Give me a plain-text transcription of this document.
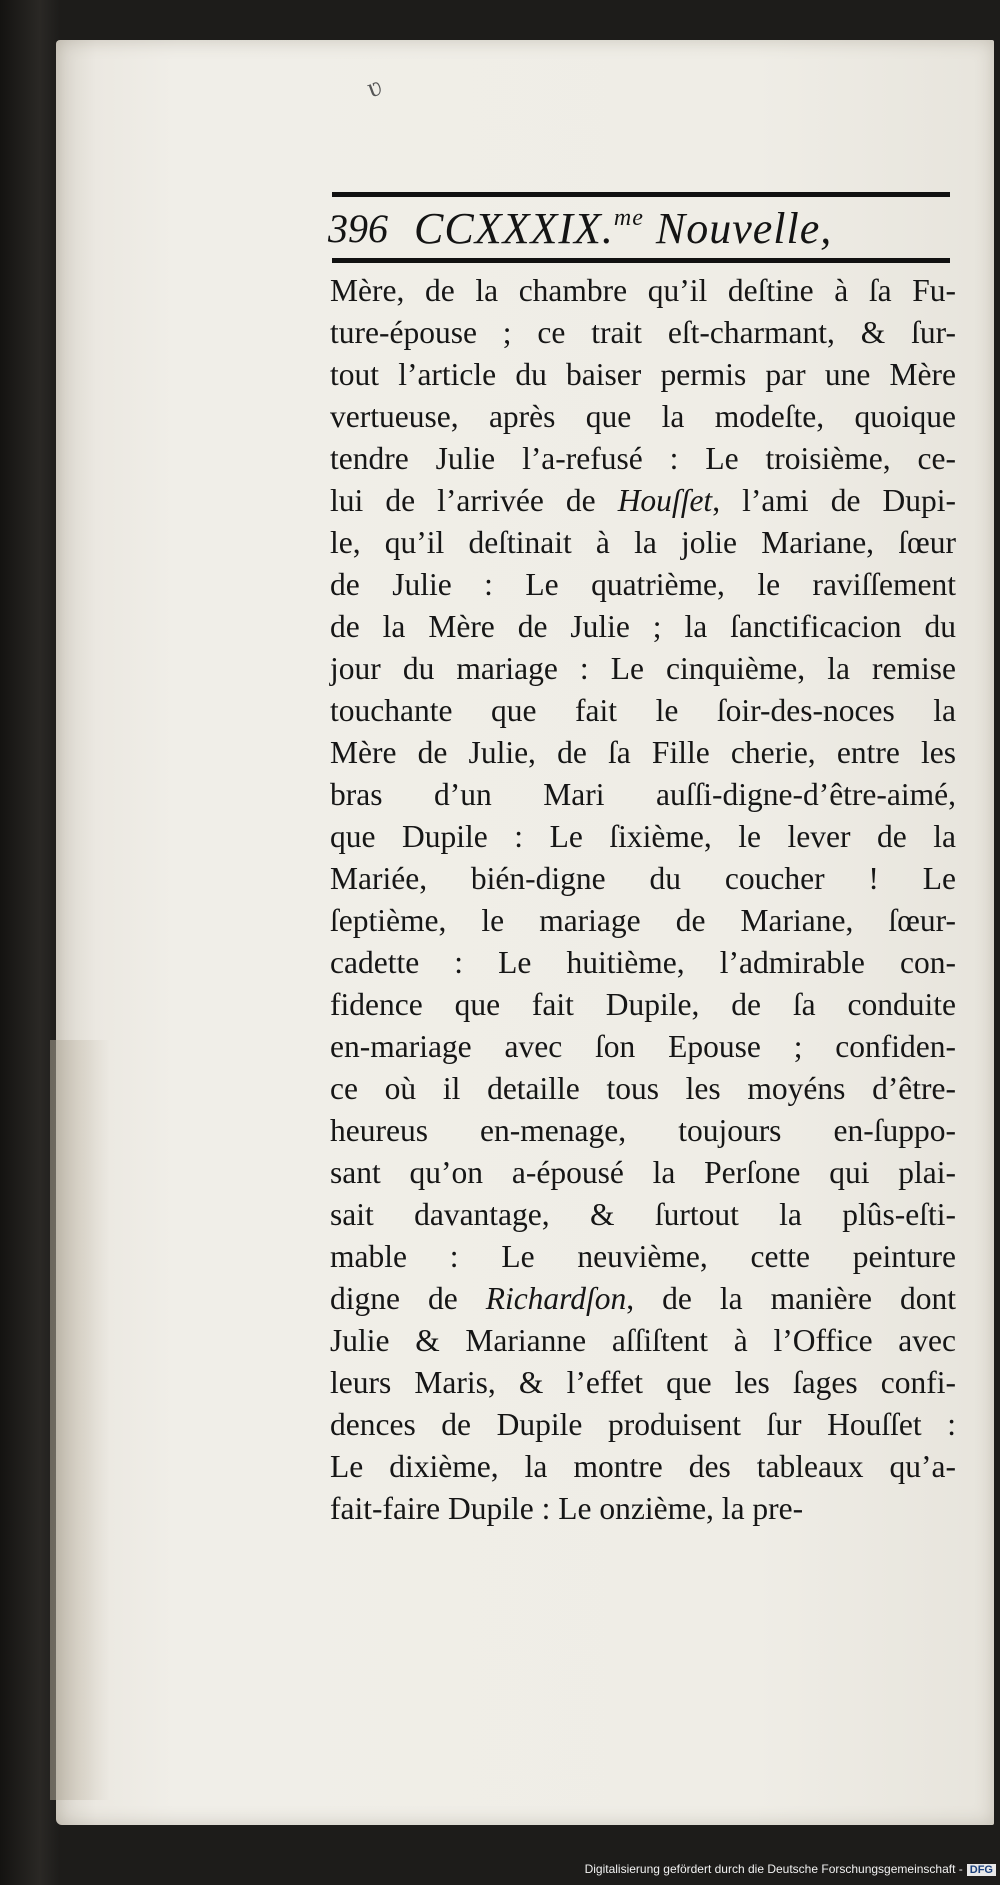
ʋ
396 CCXXXIX.$^{me}$ Nouvelle,
Mère, de la chambre qu’il deſtine à ſa Fu-
ture-épouse ; ce trait eſt-charmant, & ſur-
tout l’article du baiser permis par une Mère
vertueuse, après que la modeſte, quoique
tendre Julie l’a-refusé : Le troisième, ce-
lui de l’arrivée de Houſſet, l’ami de Dupi-
le, qu’il deſtinait à la jolie Mariane, ſœur
de Julie : Le quatrième, le raviſſement
de la Mère de Julie ; la ſanctificacion du
jour du mariage : Le cinquième, la remise
touchante que fait le ſoir-des-noces la
Mère de Julie, de ſa Fille cherie, entre les
bras d’un Mari auſſi-digne-d’être-aimé,
que Dupile : Le ſixième, le lever de la
Mariée, bién-digne du coucher ! Le
ſeptième, le mariage de Mariane, ſœur-
cadette : Le huitième, l’admirable con-
fidence que fait Dupile, de ſa conduite
en-mariage avec ſon Epouse ; confiden-
ce où il detaille tous les moyéns d’être-
heureus en-menage, toujours en-ſuppo-
sant qu’on a-épousé la Perſone qui plai-
sait davantage, & ſurtout la plûs-eſti-
mable : Le neuvième, cette peinture
digne de Richardſon, de la manière dont
Julie & Marianne aſſiſtent à l’Office avec
leurs Maris, & l’effet que les ſages confi-
dences de Dupile produisent ſur Houſſet :
Le dixième, la montre des tableaux qu’a-
fait-faire Dupile : Le onzième, la pre-
Digitalisierung gefördert durch die Deutsche Forschungsgemeinschaft - DFG
